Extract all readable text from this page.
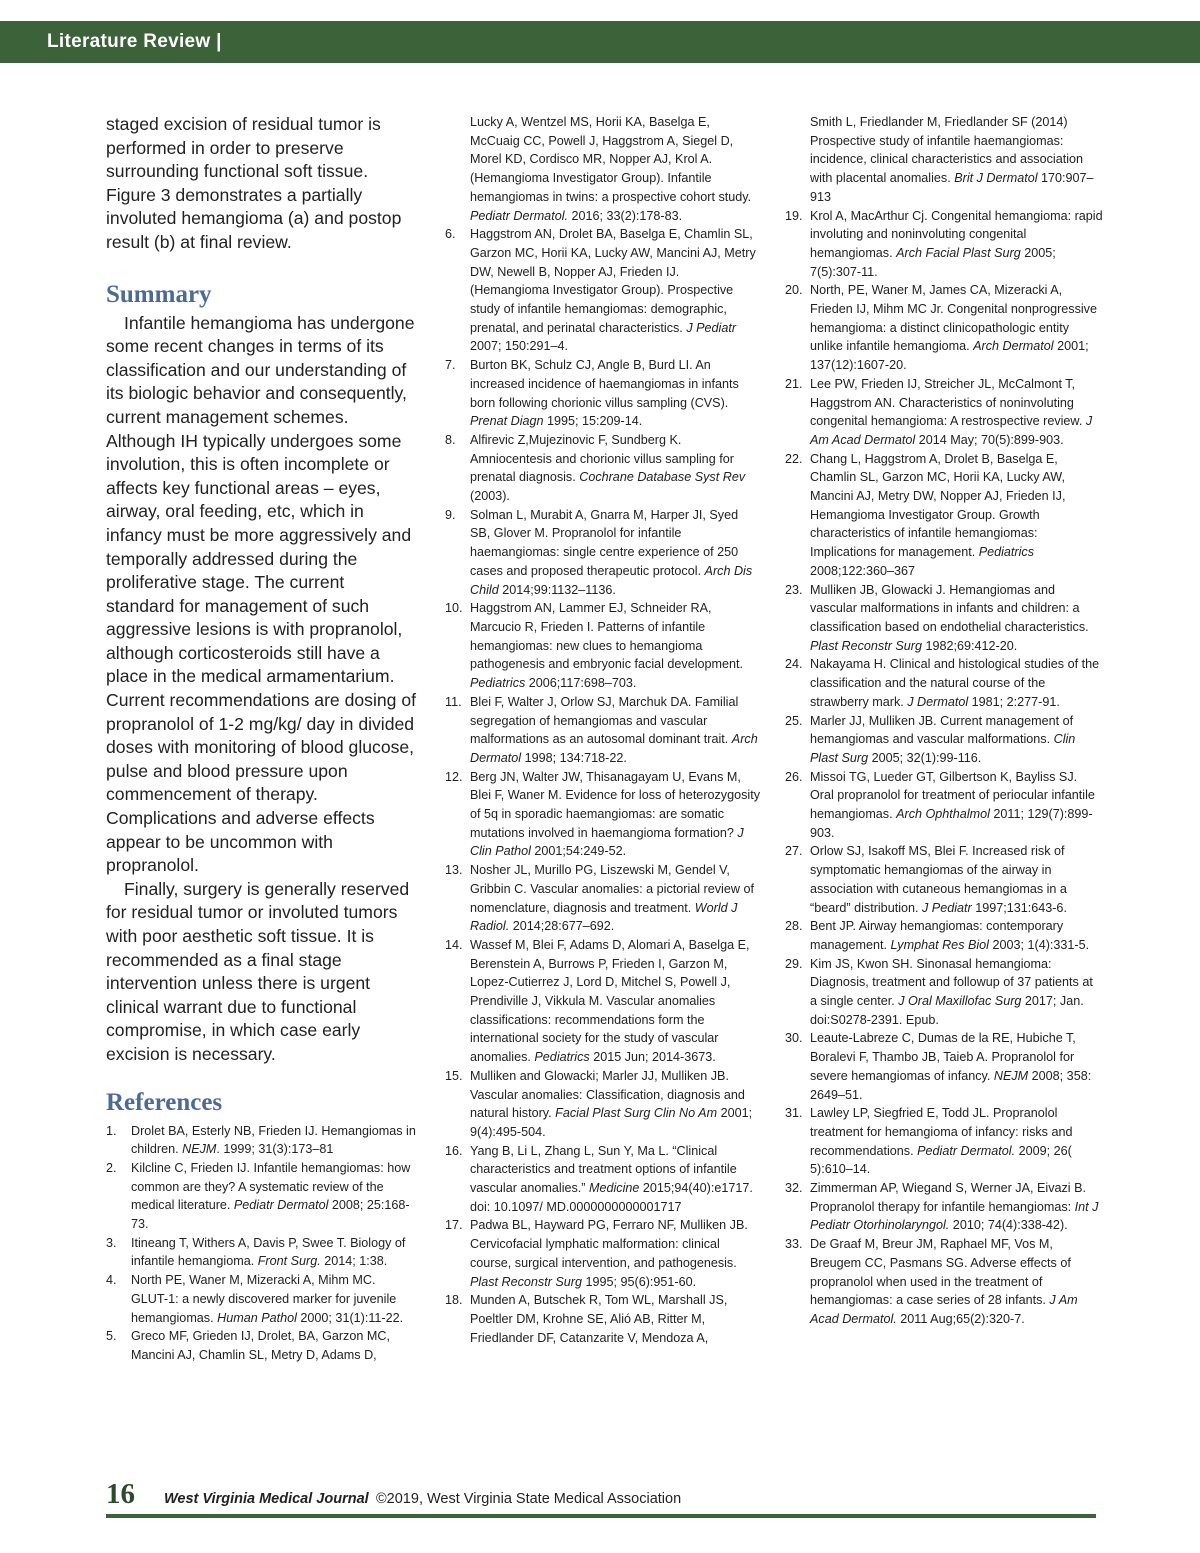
Literature Review |

staged excision of residual tumor is performed in order to preserve surrounding functional soft tissue. Figure 3 demonstrates a partially involuted hemangioma (a) and postop result (b) at final review.

Summary

Infantile hemangioma has undergone some recent changes in terms of its classification and our understanding of its biologic behavior and consequently, current management schemes. Although IH typically undergoes some involution, this is often incomplete or affects key functional areas – eyes, airway, oral feeding, etc, which in infancy must be more aggressively and temporally addressed during the proliferative stage. The current standard for management of such aggressive lesions is with propranolol, although corticosteroids still have a place in the medical armamentarium. Current recommendations are dosing of propranolol of 1-2 mg/kg/ day in divided doses with monitoring of blood glucose, pulse and blood pressure upon commencement of therapy. Complications and adverse effects appear to be uncommon with propranolol.

Finally, surgery is generally reserved for residual tumor or involuted tumors with poor aesthetic soft tissue. It is recommended as a final stage intervention unless there is urgent clinical warrant due to functional compromise, in which case early excision is necessary.

References
1. Drolet BA, Esterly NB, Frieden IJ. Hemangiomas in children. NEJM. 1999; 31(3):173–81
2. Kilcline C, Frieden IJ. Infantile hemangiomas: how common are they? A systematic review of the medical literature. Pediatr Dermatol 2008; 25:168-73.
3. Itineang T, Withers A, Davis P, Swee T. Biology of infantile hemangioma. Front Surg. 2014; 1:38.
4. North PE, Waner M, Mizeracki A, Mihm MC. GLUT-1: a newly discovered marker for juvenile hemangiomas. Human Pathol 2000; 31(1):11-22.
5. Greco MF, Grieden IJ, Drolet, BA, Garzon MC, Mancini AJ, Chamlin SL, Metry D, Adams D,
Lucky A, Wentzel MS, Horii KA, Baselga E, McCuaig CC, Powell J, Haggstrom A, Siegel D, Morel KD, Cordisco MR, Nopper AJ, Krol A. (Hemangioma Investigator Group). Infantile hemangiomas in twins: a prospective cohort study. Pediatr Dermatol. 2016; 33(2):178-83.
6. Haggstrom AN, Drolet BA, Baselga E, Chamlin SL, Garzon MC, Horii KA, Lucky AW, Mancini AJ, Metry DW, Newell B, Nopper AJ, Frieden IJ. (Hemangioma Investigator Group). Prospective study of infantile hemangiomas: demographic, prenatal, and perinatal characteristics. J Pediatr 2007; 150:291–4.
7. Burton BK, Schulz CJ, Angle B, Burd LI. An increased incidence of haemangiomas in infants born following chorionic villus sampling (CVS). Prenat Diagn 1995; 15:209-14.
8. Alfirevic Z,Mujezinovic F, Sundberg K. Amniocentesis and chorionic villus sampling for prenatal diagnosis. Cochrane Database Syst Rev (2003).
9. Solman L, Murabit A, Gnarra M, Harper JI, Syed SB, Glover M. Propranolol for infantile haemangiomas: single centre experience of 250 cases and proposed therapeutic protocol. Arch Dis Child 2014;99:1132–1136.
10. Haggstrom AN, Lammer EJ, Schneider RA, Marcucio R, Frieden I. Patterns of infantile hemangiomas: new clues to hemangioma pathogenesis and embryonic facial development. Pediatrics 2006;117:698–703.
11. Blei F, Walter J, Orlow SJ, Marchuk DA. Familial segregation of hemangiomas and vascular malformations as an autosomal dominant trait. Arch Dermatol 1998; 134:718-22.
12. Berg JN, Walter JW, Thisanagayam U, Evans M, Blei F, Waner M. Evidence for loss of heterozygosity of 5q in sporadic haemangiomas: are somatic mutations involved in haemangioma formation? J Clin Pathol 2001;54:249-52.
13. Nosher JL, Murillo PG, Liszewski M, Gendel V, Gribbin C. Vascular anomalies: a pictorial review of nomenclature, diagnosis and treatment. World J Radiol. 2014;28:677–692.
14. Wassef M, Blei F, Adams D, Alomari A, Baselga E, Berenstein A, Burrows P, Frieden I, Garzon M, Lopez-Cutierrez J, Lord D, Mitchel S, Powell J, Prendiville J, Vikkula M. Vascular anomalies classifications: recommendations form the international society for the study of vascular anomalies. Pediatrics 2015 Jun; 2014-3673.
15. Mulliken and Glowacki; Marler JJ, Mulliken JB. Vascular anomalies: Classification, diagnosis and natural history. Facial Plast Surg Clin No Am 2001; 9(4):495-504.
16. Yang B, Li L, Zhang L, Sun Y, Ma L. “Clinical characteristics and treatment options of infantile vascular anomalies.” Medicine 2015;94(40):e1717. doi: 10.1097/ MD.0000000000001717
17. Padwa BL, Hayward PG, Ferraro NF, Mulliken JB. Cervicofacial lymphatic malformation: clinical course, surgical intervention, and pathogenesis. Plast Reconstr Surg 1995; 95(6):951-60.
18. Munden A, Butschek R, Tom WL, Marshall JS, Poeltler DM, Krohne SE, Alió AB, Ritter M, Friedlander DF, Catanzarite V, Mendoza A,
Smith L, Friedlander M, Friedlander SF (2014) Prospective study of infantile haemangiomas: incidence, clinical characteristics and association with placental anomalies. Brit J Dermatol 170:907–913
19. Krol A, MacArthur Cj. Congenital hemangioma: rapid involuting and noninvoluting congenital hemangiomas. Arch Facial Plast Surg 2005; 7(5):307-11.
20. North, PE, Waner M, James CA, Mizeracki A, Frieden IJ, Mihm MC Jr. Congenital nonprogressive hemangioma: a distinct clinicopathologic entity unlike infantile hemangioma. Arch Dermatol 2001; 137(12):1607-20.
21. Lee PW, Frieden IJ, Streicher JL, McCalmont T, Haggstrom AN. Characteristics of noninvoluting congenital hemangioma: A restrospective review. J Am Acad Dermatol 2014 May; 70(5):899-903.
22. Chang L, Haggstrom A, Drolet B, Baselga E, Chamlin SL, Garzon MC, Horii KA, Lucky AW, Mancini AJ, Metry DW, Nopper AJ, Frieden IJ, Hemangioma Investigator Group. Growth characteristics of infantile hemangiomas: Implications for management. Pediatrics 2008;122:360–367
23. Mulliken JB, Glowacki J. Hemangiomas and vascular malformations in infants and children: a classification based on endothelial characteristics. Plast Reconstr Surg 1982;69:412-20.
24. Nakayama H. Clinical and histological studies of the classification and the natural course of the strawberry mark. J Dermatol 1981; 2:277-91.
25. Marler JJ, Mulliken JB. Current management of hemangiomas and vascular malformations. Clin Plast Surg 2005; 32(1):99-116.
26. Missoi TG, Lueder GT, Gilbertson K, Bayliss SJ. Oral propranolol for treatment of periocular infantile hemangiomas. Arch Ophthalmol 2011; 129(7):899-903.
27. Orlow SJ, Isakoff MS, Blei F. Increased risk of symptomatic hemangiomas of the airway in association with cutaneous hemangiomas in a “beard” distribution. J Pediatr 1997;131:643-6.
28. Bent JP. Airway hemangiomas: contemporary management. Lymphat Res Biol 2003; 1(4):331-5.
29. Kim JS, Kwon SH. Sinonasal hemangioma: Diagnosis, treatment and followup of 37 patients at a single center. J Oral Maxillofac Surg 2017; Jan. doi:S0278-2391. Epub.
30. Leaute-Labreze C, Dumas de la RE, Hubiche T, Boralevi F, Thambo JB, Taieb A. Propranolol for severe hemangiomas of infancy. NEJM 2008; 358: 2649–51.
31. Lawley LP, Siegfried E, Todd JL. Propranolol treatment for hemangioma of infancy: risks and recommendations. Pediatr Dermatol. 2009; 26( 5):610–14.
32. Zimmerman AP, Wiegand S, Werner JA, Eivazi B. Propranolol therapy for infantile hemangiomas: Int J Pediatr Otorhinolaryngol. 2010; 74(4):338-42).
33. De Graaf M, Breur JM, Raphael MF, Vos M, Breugem CC, Pasmans SG. Adverse effects of propranolol when used in the treatment of hemangiomas: a case series of 28 infants. J Am Acad Dermatol. 2011 Aug;65(2):320-7.
16 West Virginia Medical Journal ©2019, West Virginia State Medical Association
